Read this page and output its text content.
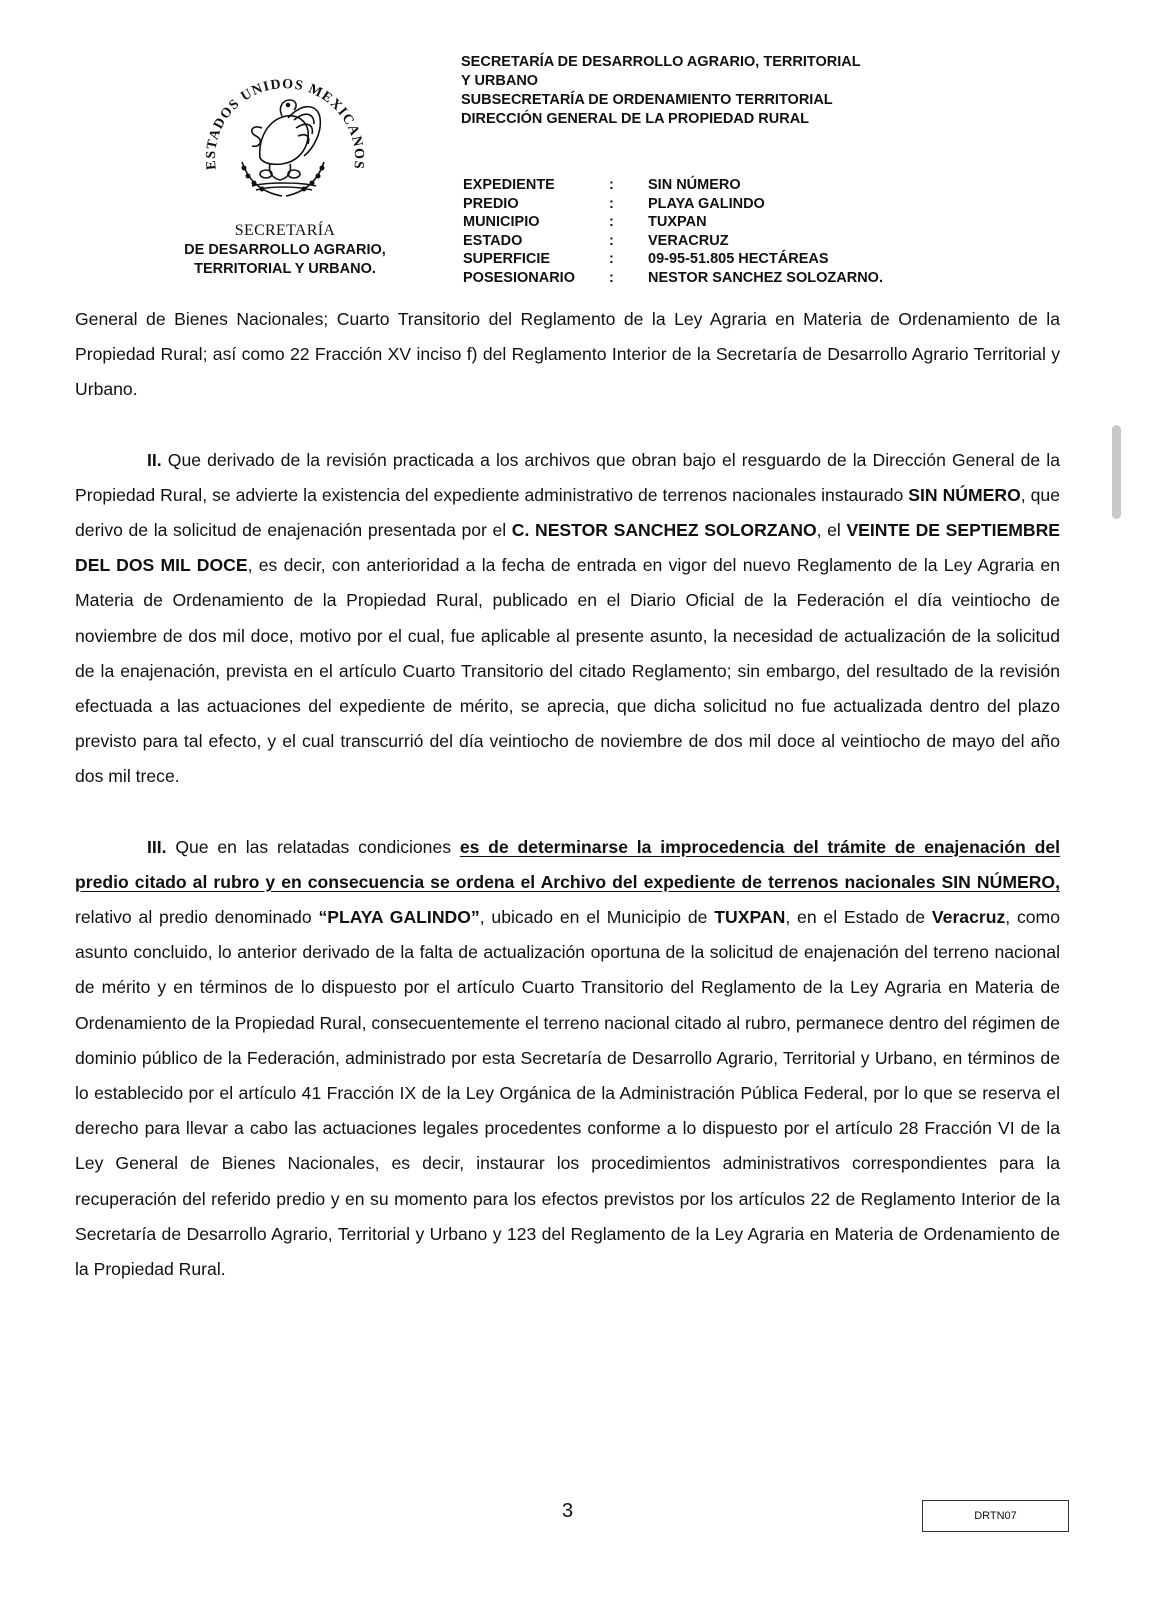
ESTADOS UNIDOS MEXICANOS
SECRETARÍA
DE DESARROLLO AGRARIO,
TERRITORIAL Y URBANO.
SECRETARÍA DE DESARROLLO AGRARIO, TERRITORIAL
Y URBANO
SUBSECRETARÍA DE ORDENAMIENTO TERRITORIAL
DIRECCIÓN GENERAL DE LA PROPIEDAD RURAL
EXPEDIENTE	: SIN NÚMERO
PREDIO	: PLAYA GALINDO
MUNICIPIO	: TUXPAN
ESTADO	: VERACRUZ
SUPERFICIE	: 09-95-51.805 HECTÁREAS
POSESIONARIO : NESTOR SANCHEZ SOLOZARNO.

General de Bienes Nacionales; Cuarto Transitorio del Reglamento de la Ley Agraria en Materia de Ordenamiento de la Propiedad Rural; así como 22 Fracción XV inciso f) del Reglamento Interior de la Secretaría de Desarrollo Agrario Territorial y Urbano.

II. Que derivado de la revisión practicada a los archivos que obran bajo el resguardo de la Dirección General de la Propiedad Rural, se advierte la existencia del expediente administrativo de terrenos nacionales instaurado SIN NÚMERO, que derivo de la solicitud de enajenación presentada por el C. NESTOR SANCHEZ SOLORZANO, el VEINTE DE SEPTIEMBRE DEL DOS MIL DOCE, es decir, con anterioridad a la fecha de entrada en vigor del nuevo Reglamento de la Ley Agraria en Materia de Ordenamiento de la Propiedad Rural, publicado en el Diario Oficial de la Federación el día veintiocho de noviembre de dos mil doce, motivo por el cual, fue aplicable al presente asunto, la necesidad de actualización de la solicitud de la enajenación, prevista en el artículo Cuarto Transitorio del citado Reglamento; sin embargo, del resultado de la revisión efectuada a las actuaciones del expediente de mérito, se aprecia, que dicha solicitud no fue actualizada dentro del plazo previsto para tal efecto, y el cual transcurrió del día veintiocho de noviembre de dos mil doce al veintiocho de mayo del año dos mil trece.

III. Que en las relatadas condiciones es de determinarse la improcedencia del trámite de enajenación del predio citado al rubro y en consecuencia se ordena el Archivo del expediente de terrenos nacionales SIN NÚMERO, relativo al predio denominado “PLAYA GALINDO”, ubicado en el Municipio de TUXPAN, en el Estado de Veracruz, como asunto concluido, lo anterior derivado de la falta de actualización oportuna de la solicitud de enajenación del terreno nacional de mérito y en términos de lo dispuesto por el artículo Cuarto Transitorio del Reglamento de la Ley Agraria en Materia de Ordenamiento de la Propiedad Rural, consecuentemente el terreno nacional citado al rubro, permanece dentro del régimen de dominio público de la Federación, administrado por esta Secretaría de Desarrollo Agrario, Territorial y Urbano, en términos de lo establecido por el artículo 41 Fracción IX de la Ley Orgánica de la Administración Pública Federal, por lo que se reserva el derecho para llevar a cabo las actuaciones legales procedentes conforme a lo dispuesto por el artículo 28 Fracción VI de la Ley General de Bienes Nacionales, es decir, instaurar los procedimientos administrativos correspondientes para la recuperación del referido predio y en su momento para los efectos previstos por los artículos 22 de Reglamento Interior de la Secretaría de Desarrollo Agrario, Territorial y Urbano y 123 del Reglamento de la Ley Agraria en Materia de Ordenamiento de la Propiedad Rural.

3	DRTN07
